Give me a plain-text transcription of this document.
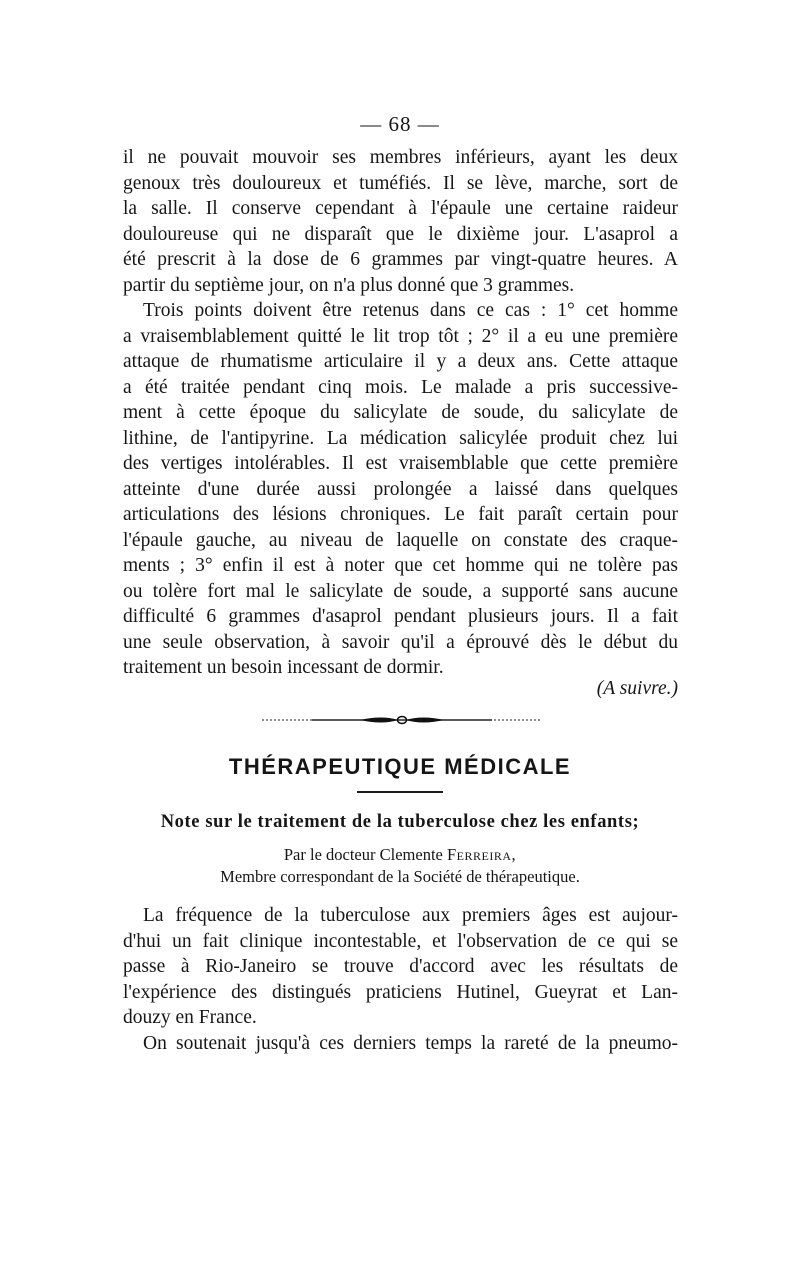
— 68 —
il ne pouvait mouvoir ses membres inférieurs, ayant les deux
genoux très douloureux et tuméfiés. Il se lève, marche, sort de
la salle. Il conserve cependant à l'épaule une certaine raideur
douloureuse qui ne disparaît que le dixième jour. L'asaprol a
été prescrit à la dose de 6 grammes par vingt-quatre heures. A
partir du septième jour, on n'a plus donné que 3 grammes.
Trois points doivent être retenus dans ce cas : 1° cet homme
a vraisemblablement quitté le lit trop tôt ; 2° il a eu une première
attaque de rhumatisme articulaire il y a deux ans. Cette attaque
a été traitée pendant cinq mois. Le malade a pris successive-
ment à cette époque du salicylate de soude, du salicylate de
lithine, de l'antipyrine. La médication salicylée produit chez lui
des vertiges intolérables. Il est vraisemblable que cette première
atteinte d'une durée aussi prolongée a laissé dans quelques
articulations des lésions chroniques. Le fait paraît certain pour
l'épaule gauche, au niveau de laquelle on constate des craque-
ments ; 3° enfin il est à noter que cet homme qui ne tolère pas
ou tolère fort mal le salicylate de soude, a supporté sans aucune
difficulté 6 grammes d'asaprol pendant plusieurs jours. Il a fait
une seule observation, à savoir qu'il a éprouvé dès le début du
traitement un besoin incessant de dormir.
(A suivre.)
THÉRAPEUTIQUE MÉDICALE
Note sur le traitement de la tuberculose chez les enfants;
Par le docteur Clemente Ferreira,
Membre correspondant de la Société de thérapeutique.
La fréquence de la tuberculose aux premiers âges est aujour-
d'hui un fait clinique incontestable, et l'observation de ce qui se
passe à Rio-Janeiro se trouve d'accord avec les résultats de
l'expérience des distingués praticiens Hutinel, Gueyrat et Lan-
douzy en France.
On soutenait jusqu'à ces derniers temps la rareté de la pneumo-
